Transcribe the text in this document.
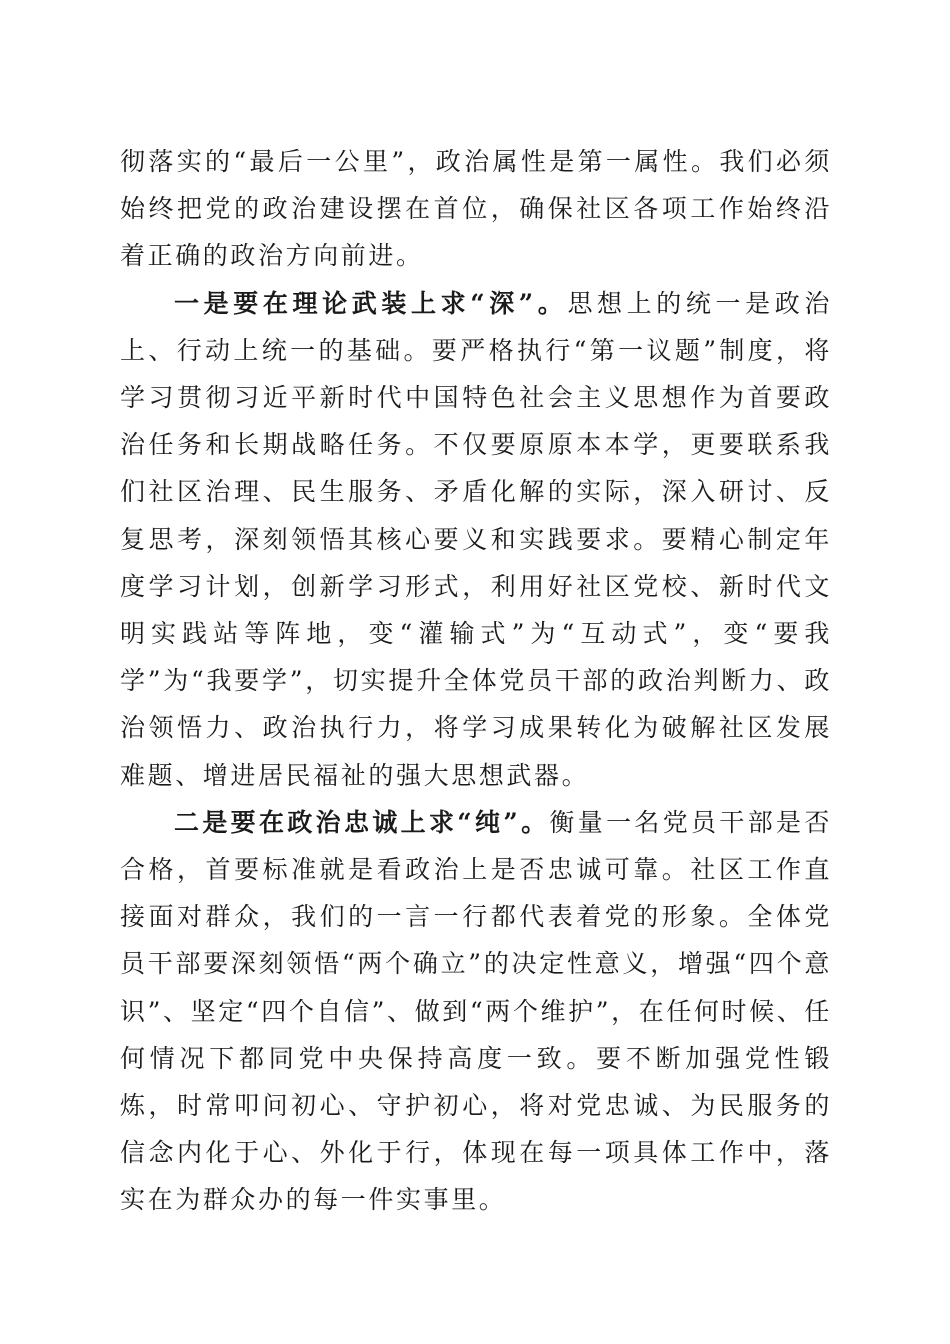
彻落实的“最后一公里”，政治属性是第一属性。我们必须始终把党的政治建设摆在首位，确保社区各项工作始终沿着正确的政治方向前进。

一是要在理论武装上求“深”。思想上的统一是政治上、行动上统一的基础。要严格执行“第一议题”制度，将学习贯彻习近平新时代中国特色社会主义思想作为首要政治任务和长期战略任务。不仅要原原本本学，更要联系我们社区治理、民生服务、矛盾化解的实际，深入研讨、反复思考，深刻领悟其核心要义和实践要求。要精心制定年度学习计划，创新学习形式，利用好社区党校、新时代文明实践站等阵地，变“灌输式”为“互动式”，变“要我学”为“我要学”，切实提升全体党员干部的政治判断力、政治领悟力、政治执行力，将学习成果转化为破解社区发展难题、增进居民福祉的强大思想武器。

二是要在政治忠诚上求“纯”。衡量一名党员干部是否合格，首要标准就是看政治上是否忠诚可靠。社区工作直接面对群众，我们的一言一行都代表着党的形象。全体党员干部要深刻领悟“两个确立”的决定性意义，增强“四个意识”、坚定“四个自信”、做到“两个维护”，在任何时候、任何情况下都同党中央保持高度一致。要不断加强党性锻炼，时常叩问初心、守护初心，将对党忠诚、为民服务的信念内化于心、外化于行，体现在每一项具体工作中，落实在为群众办的每一件实事里。
